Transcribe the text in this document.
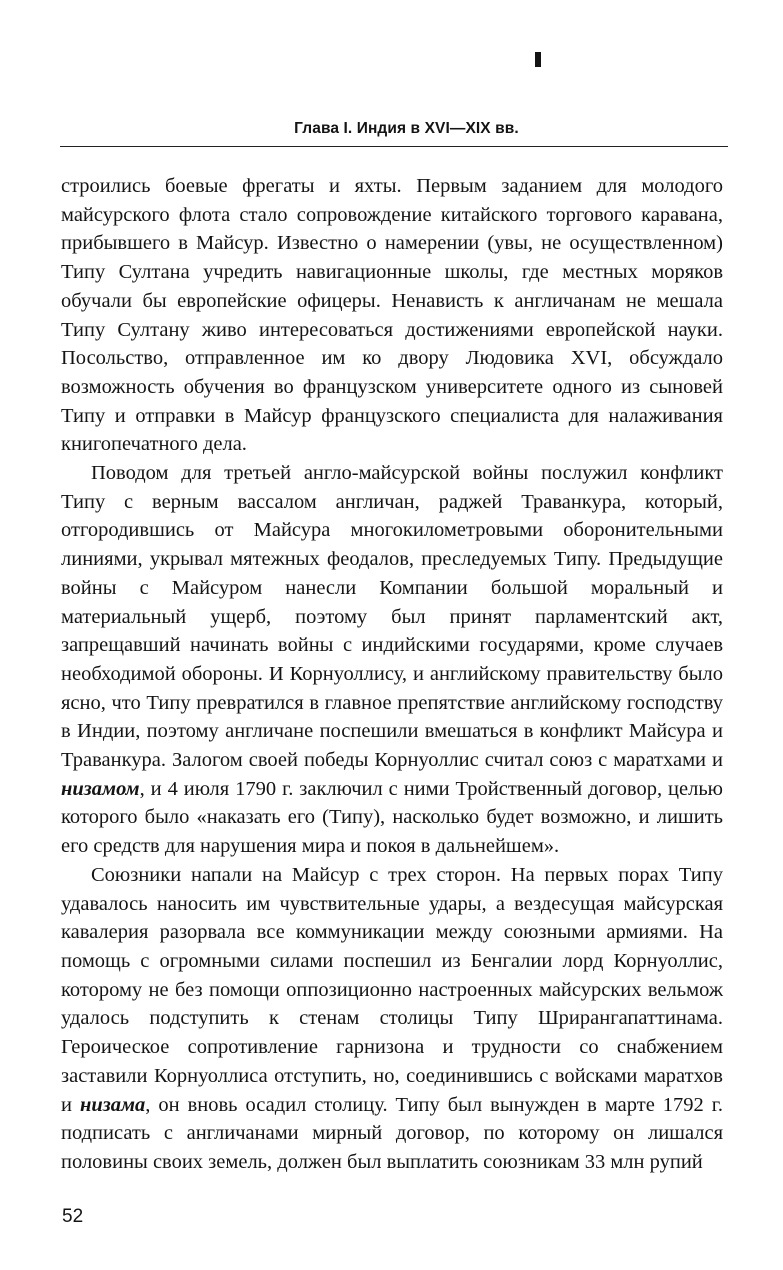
Глава I. Индия в XVI—XIX вв.

строились боевые фрегаты и яхты. Первым заданием для молодого майсурского флота стало сопровождение китайского торгового каравана, прибывшего в Майсур. Известно о намерении (увы, не осуществленном) Типу Султана учредить навигационные школы, где местных моряков обучали бы европейские офицеры. Ненависть к англичанам не мешала Типу Султану живо интересоваться достижениями европейской науки. Посольство, отправленное им ко двору Людовика XVI, обсуждало возможность обучения во французском университете одного из сыновей Типу и отправки в Майсур французского специалиста для налаживания книгопечатного дела.

Поводом для третьей англо-майсурской войны послужил конфликт Типу с верным вассалом англичан, раджей Траванкура, который, отгородившись от Майсура многокилометровыми оборонительными линиями, укрывал мятежных феодалов, преследуемых Типу. Предыдущие войны с Майсуром нанесли Компании большой моральный и материальный ущерб, поэтому был принят парламентский акт, запрещавший начинать войны с индийскими государями, кроме случаев необходимой обороны. И Корнуоллису, и английскому правительству было ясно, что Типу превратился в главное препятствие английскому господству в Индии, поэтому англичане поспешили вмешаться в конфликт Майсура и Траванкура. Залогом своей победы Корнуоллис считал союз с маратхами и низамом, и 4 июля 1790 г. заключил с ними Тройственный договор, целью которого было «наказать его (Типу), насколько будет возможно, и лишить его средств для нарушения мира и покоя в дальнейшем».

Союзники напали на Майсур с трех сторон. На первых порах Типу удавалось наносить им чувствительные удары, а вездесущая майсурская кавалерия разорвала все коммуникации между союзными армиями. На помощь с огромными силами поспешил из Бенгалии лорд Корнуоллис, которому не без помощи оппозиционно настроенных майсурских вельмож удалось подступить к стенам столицы Типу Шрирангапаттинама. Героическое сопротивление гарнизона и трудности со снабжением заставили Корнуоллиса отступить, но, соединившись с войсками маратхов и низама, он вновь осадил столицу. Типу был вынужден в марте 1792 г. подписать с англичанами мирный договор, по которому он лишался половины своих земель, должен был выплатить союзникам 33 млн рупий

52
